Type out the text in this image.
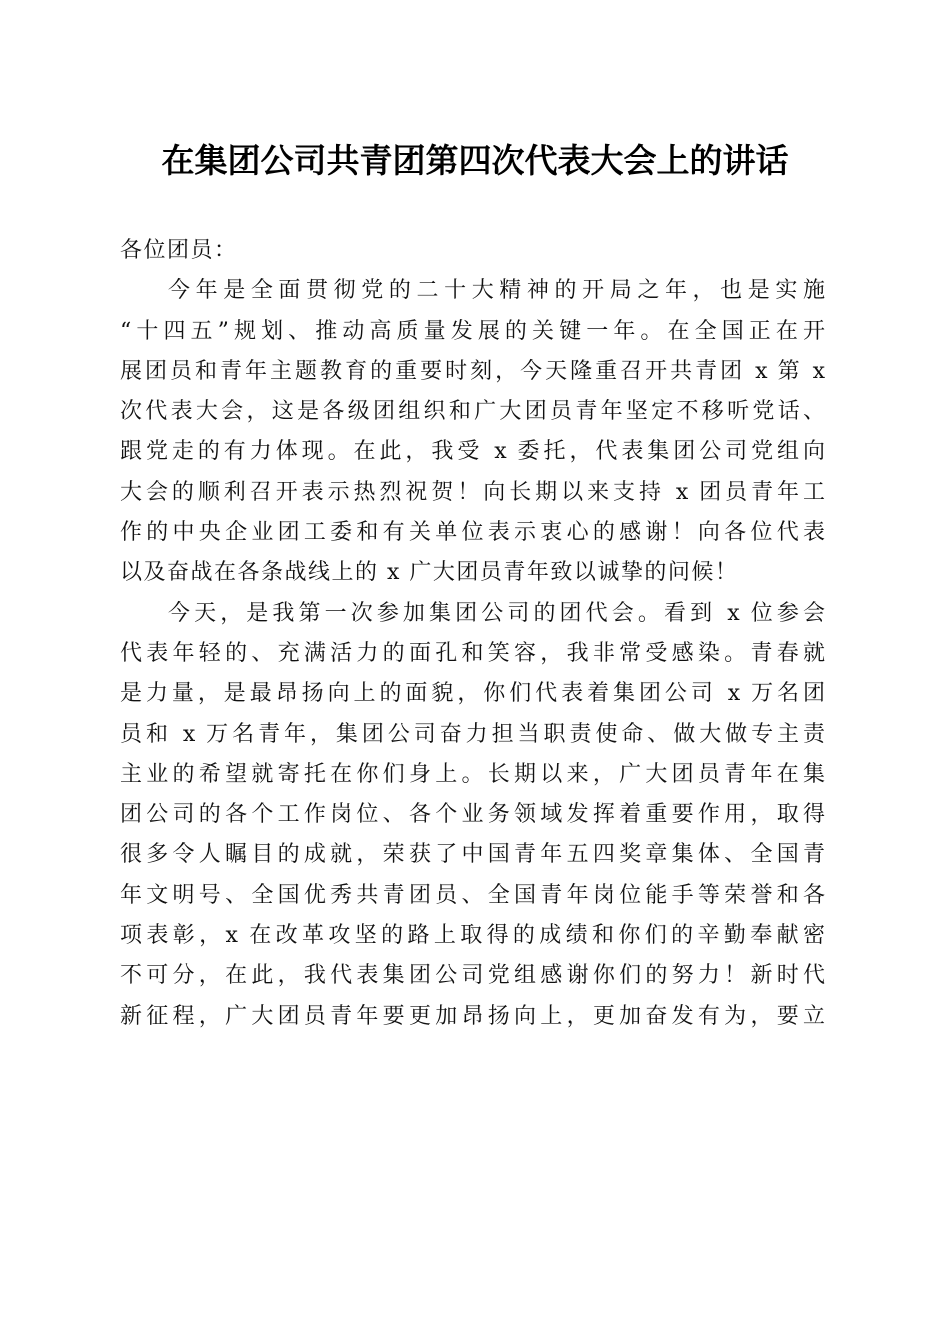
在集团公司共青团第四次代表大会上的讲话
各位团员：
今年是全面贯彻党的二十大精神的开局之年，也是实施
“十四五”规划、推动高质量发展的关键一年。在全国正在开
展团员和青年主题教育的重要时刻，今天隆重召开共青团 x 第 x
次代表大会，这是各级团组织和广大团员青年坚定不移听党话、
跟党走的有力体现。在此，我受 x 委托，代表集团公司党组向
大会的顺利召开表示热烈祝贺！向长期以来支持 x 团员青年工
作的中央企业团工委和有关单位表示衷心的感谢！向各位代表
以及奋战在各条战线上的 x 广大团员青年致以诚挚的问候！
今天，是我第一次参加集团公司的团代会。看到 x 位参会
代表年轻的、充满活力的面孔和笑容，我非常受感染。青春就
是力量，是最昂扬向上的面貌，你们代表着集团公司 x 万名团
员和 x 万名青年，集团公司奋力担当职责使命、做大做专主责
主业的希望就寄托在你们身上。长期以来，广大团员青年在集
团公司的各个工作岗位、各个业务领域发挥着重要作用，取得
很多令人瞩目的成就，荣获了中国青年五四奖章集体、全国青
年文明号、全国优秀共青团员、全国青年岗位能手等荣誉和各
项表彰，x 在改革攻坚的路上取得的成绩和你们的辛勤奉献密
不可分，在此，我代表集团公司党组感谢你们的努力！新时代
新征程，广大团员青年要更加昂扬向上，更加奋发有为，要立
